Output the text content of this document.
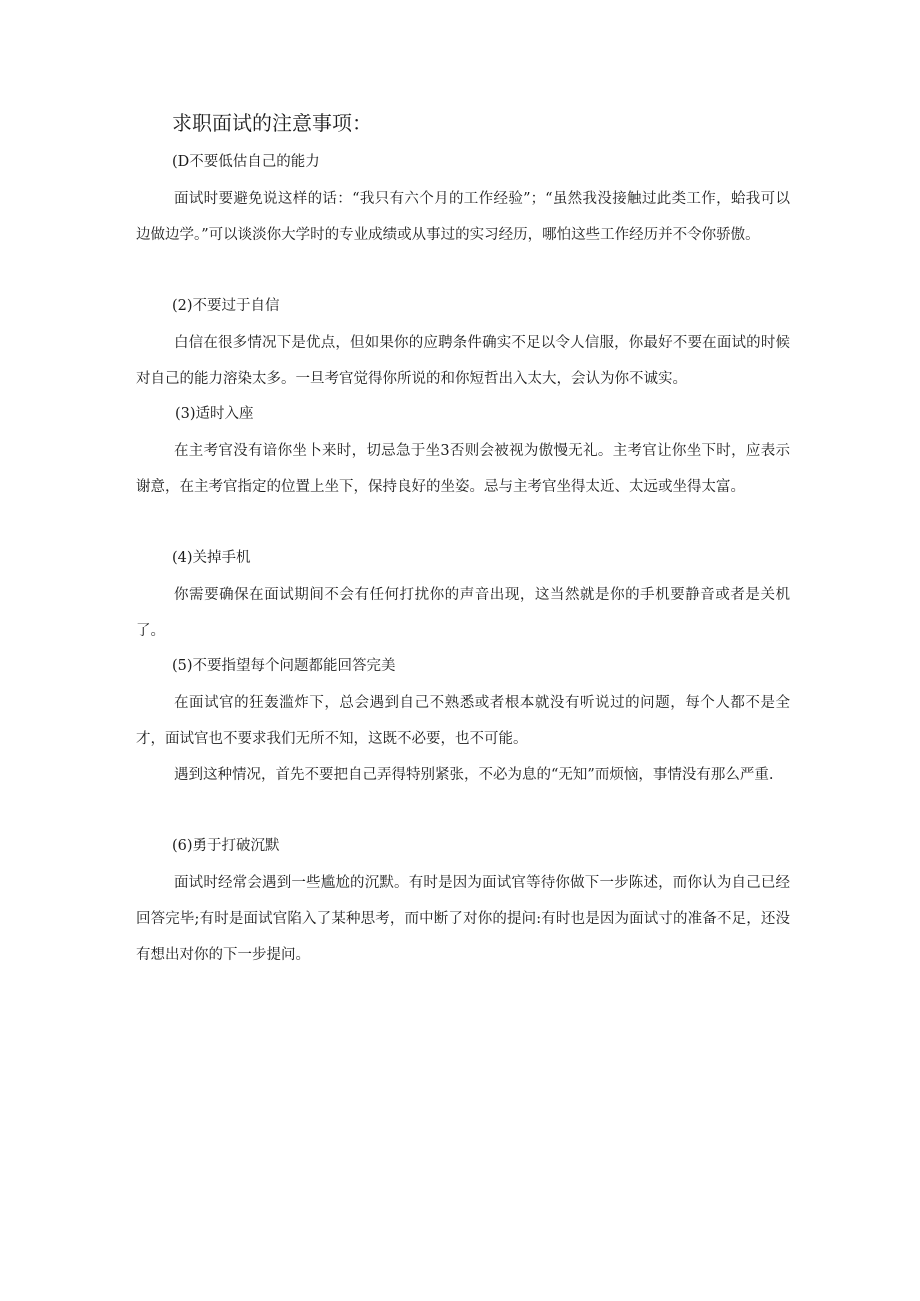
求职面试的注意事项：
(D不要低估自己的能力
面试时要避免说这样的话：“我只有六个月的工作经验”；“虽然我没接触过此类工作，蛤我可以边做边学。”可以谈淡你大学时的专业成绩或从事过的实习经历，哪怕这些工作经历并不令你骄傲。
(2)不要过于自信
白信在很多情况下是优点，但如果你的应聘条件确实不足以令人信服，你最好不要在面试的时候对自己的能力溶染太多。一旦考官觉得你所说的和你短哲出入太大，会认为你不诚实。
(3)适时入座
在主考官没有谙你坐卜来时，切忌急于坐3否则会被视为傲慢无礼。主考官让你坐下时，应表示谢意，在主考官指定的位置上坐下，保持良好的坐姿。忌与主考官坐得太近、太远或坐得太富。
(4)关掉手机
你需要确保在面试期间不会有任何打扰你的声音出现，这当然就是你的手机要静音或者是关机了。
(5)不要指望每个问题都能回答完美
在面试官的狂轰滥炸下，总会遇到自己不熟悉或者根本就没有听说过的问题，每个人都不是全才，面试官也不要求我们无所不知，这既不必要，也不可能。
遇到这种情况，首先不要把自己弄得特别紧张，不必为息的“无知”而烦恼，事情没有那么严重.
(6)勇于打破沉默
面试时经常会遇到一些尴尬的沉默。有时是因为面试官等待你做下一步陈述，而你认为自己已经回答完毕;有时是面试官陷入了某种思考，而中断了对你的提问:有时也是因为面试寸的准备不足，还没有想出对你的下一步提问。
